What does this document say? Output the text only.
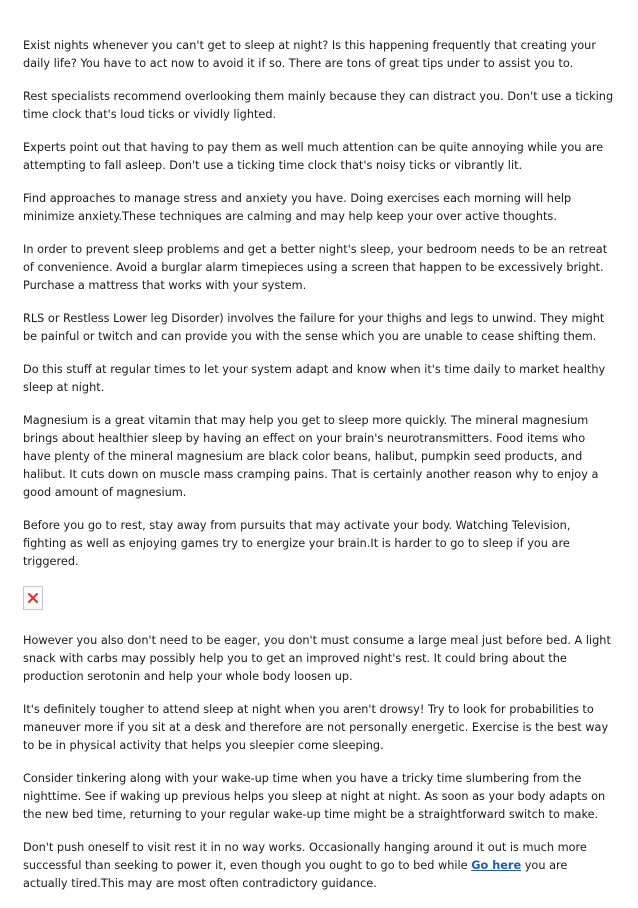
Exist nights whenever you can't get to sleep at night? Is this happening frequently that creating your daily life? You have to act now to avoid it if so. There are tons of great tips under to assist you to.

Rest specialists recommend overlooking them mainly because they can distract you. Don't use a ticking time clock that's loud ticks or vividly lighted.

Experts point out that having to pay them as well much attention can be quite annoying while you are attempting to fall asleep. Don't use a ticking time clock that's noisy ticks or vibrantly lit.

Find approaches to manage stress and anxiety you have. Doing exercises each morning will help minimize anxiety.These techniques are calming and may help keep your over active thoughts.

In order to prevent sleep problems and get a better night's sleep, your bedroom needs to be an retreat of convenience. Avoid a burglar alarm timepieces using a screen that happen to be excessively bright. Purchase a mattress that works with your system.

RLS or Restless Lower leg Disorder) involves the failure for your thighs and legs to unwind. They might be painful or twitch and can provide you with the sense which you are unable to cease shifting them.

Do this stuff at regular times to let your system adapt and know when it's time daily to market healthy sleep at night.

Magnesium is a great vitamin that may help you get to sleep more quickly. The mineral magnesium brings about healthier sleep by having an effect on your brain's neurotransmitters. Food items who have plenty of the mineral magnesium are black color beans, halibut, pumpkin seed products, and halibut. It cuts down on muscle mass cramping pains. That is certainly another reason why to enjoy a good amount of magnesium.

Before you go to rest, stay away from pursuits that may activate your body. Watching Television, fighting as well as enjoying games try to energize your brain.It is harder to go to sleep if you are triggered.

However you also don't need to be eager, you don't must consume a large meal just before bed. A light snack with carbs may possibly help you to get an improved night's rest. It could bring about the production serotonin and help your whole body loosen up.

It's definitely tougher to attend sleep at night when you aren't drowsy! Try to look for probabilities to maneuver more if you sit at a desk and therefore are not personally energetic. Exercise is the best way to be in physical activity that helps you sleepier come sleeping.

Consider tinkering along with your wake-up time when you have a tricky time slumbering from the nighttime. See if waking up previous helps you sleep at night at night. As soon as your body adapts on the new bed time, returning to your regular wake-up time might be a straightforward switch to make.

Don't push oneself to visit rest it in no way works. Occasionally hanging around it out is much more successful than seeking to power it, even though you ought to go to bed while Go here you are actually tired.This may are most often contradictory guidance.
